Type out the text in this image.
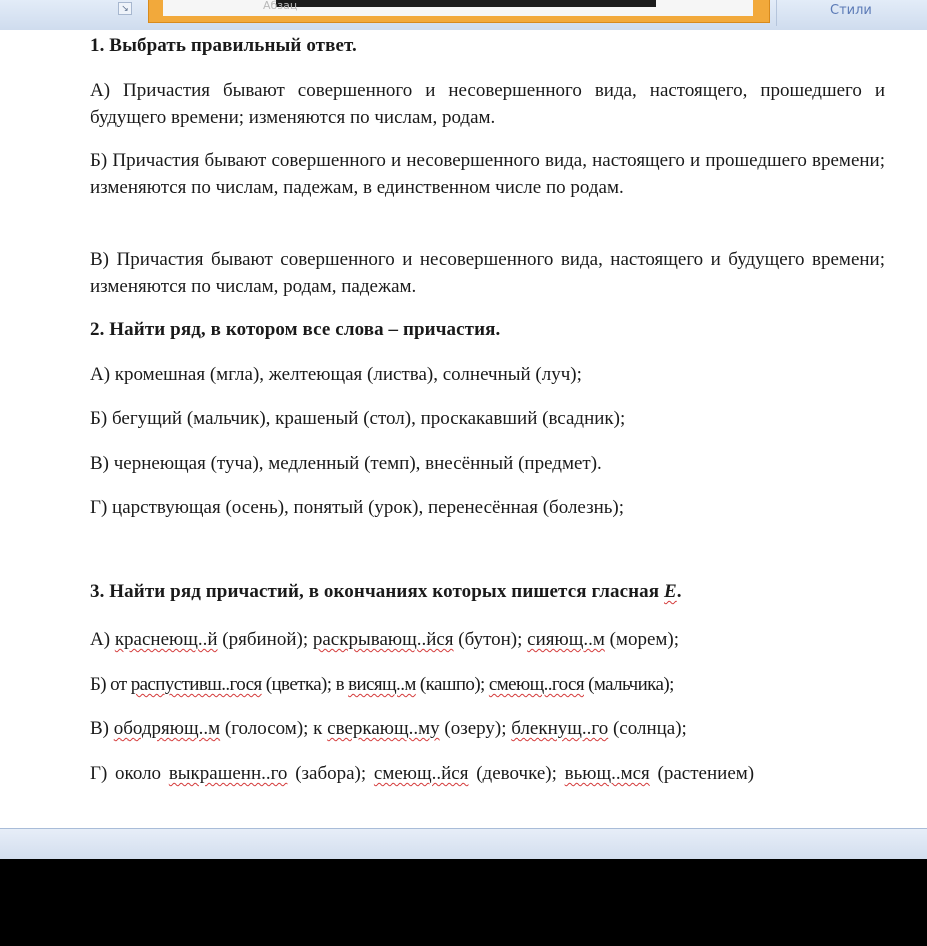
↘	Абзац	Стили
1. Выбрать правильный ответ.
А) Причастия бывают совершенного и несовершенного вида, настоящего, прошедшего и будущего времени; изменяются по числам, родам.
Б) Причастия бывают совершенного и несовершенного вида, настоящего и прошедшего времени; изменяются по числам, падежам, в единственном числе по родам.
В) Причастия бывают совершенного и несовершенного вида, настоящего и будущего времени; изменяются по числам, родам, падежам.
2. Найти ряд, в котором все слова – причастия.
А) кромешная (мгла), желтеющая (листва), солнечный (луч);
Б) бегущий (мальчик), крашеный (стол), проскакавший (всадник);
В) чернеющая (туча), медленный (темп), внесённый (предмет).
Г) царствующая (осень), понятый (урок), перенесённая (болезнь);
3. Найти ряд причастий, в окончаниях которых пишется гласная Е.
А) краснеющ..й (рябиной); раскрывающ..йся (бутон); сияющ..м (морем);
Б) от распустивш..гося (цветка); в висящ..м (кашпо); смеющ..гося (мальчика);
В) ободряющ..м (голосом); к сверкающ..му (озеру); блекнущ..го (солнца);
Г) около выкрашенн..го (забора); смеющ..йся (девочке); вьющ..мся (растением)
